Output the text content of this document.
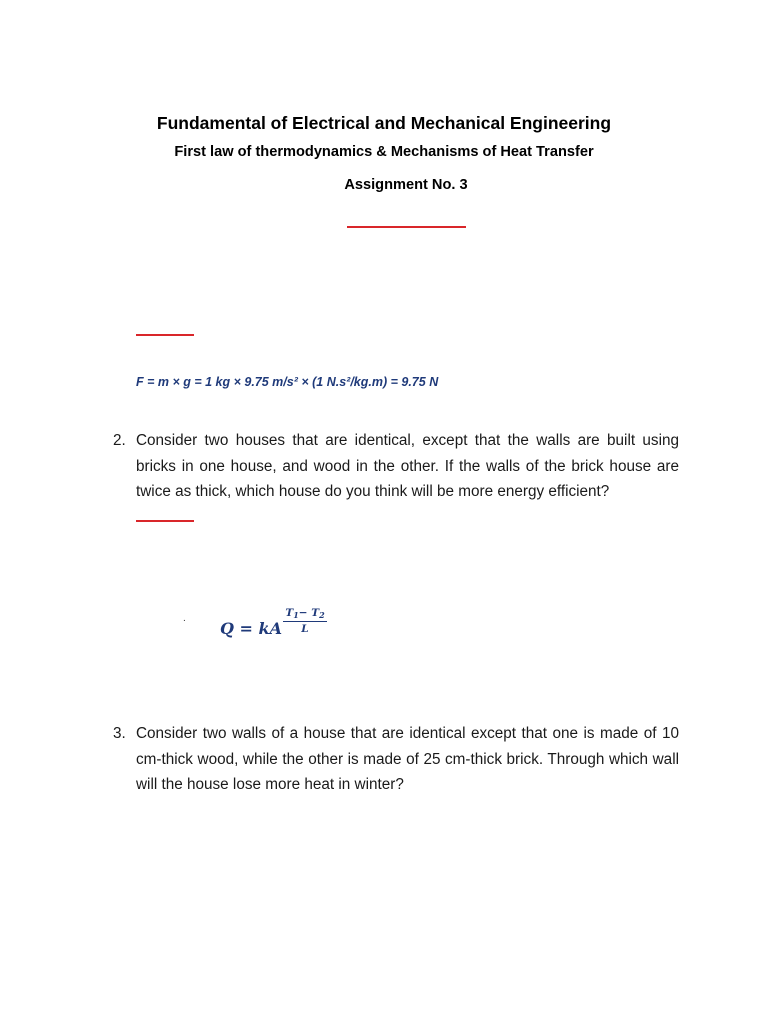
Fundamental of Electrical and Mechanical Engineering
First law of thermodynamics & Mechanisms of Heat Transfer
Assignment No. 3
F = m × g = 1 kg × 9.75 m/s² × (1 N.s²/kg.m) = 9.75 N
2. Consider two houses that are identical, except that the walls are built using bricks in one house, and wood in the other. If the walls of the brick house are twice as thick, which house do you think will be more energy efficient?
.
Q = kA $\frac{T_1- T_2}{L}$
3. Consider two walls of a house that are identical except that one is made of 10 cm-thick wood, while the other is made of 25 cm-thick brick. Through which wall will the house lose more heat in winter?
